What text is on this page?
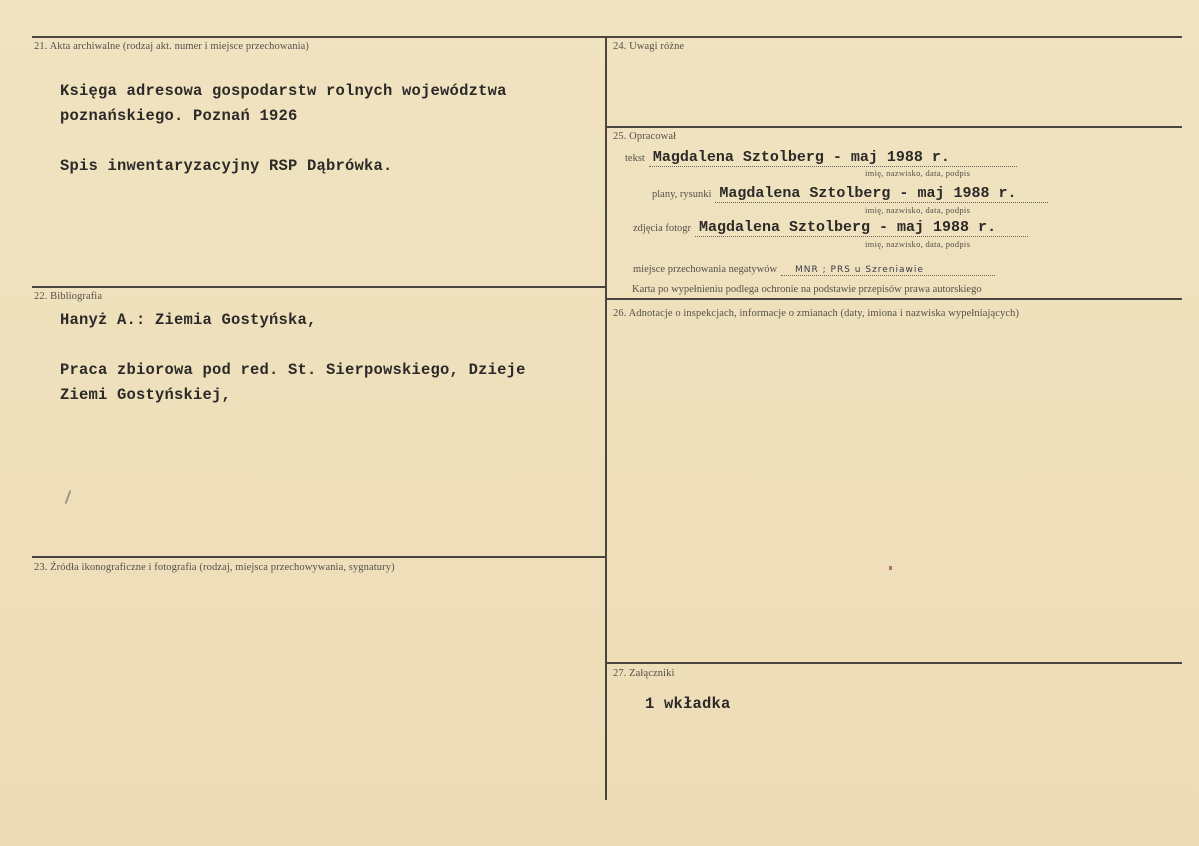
21. Akta archiwalne (rodzaj akt. numer i miejsce przechowania)
Księga adresowa gospodarstw rolnych województwa
poznańskiego. Poznań 1926
Spis inwentaryzacyjny RSP Dąbrówka.
22. Bibliografia
Hanyż A.: Ziemia Gostyńska,
Praca zbiorowa pod red. St. Sierpowskiego, Dzieje
Ziemi Gostyńskiej,
23. Źródła ikonograficzne i fotografia (rodzaj, miejsca przechowywania, sygnatury)
24. Uwagi różne
25. Opracował
tekst Magdalena Sztolberg - maj 1988 r.
imię, nazwisko, data, podpis
plany, rysunki Magdalena Sztolberg - maj 1988 r.
imię, nazwisko, data, podpis
zdjęcia fotogr Magdalena Sztolberg - maj 1988 r.
imię, nazwisko, data, podpis
miejsce przechowania negatywów MNR ; PRS u Szreniawie
Karta po wypełnieniu podlega ochronie na podstawie przepisów prawa autorskiego
26. Adnotacje o inspekcjach, informacje o zmianach (daty, imiona i nazwiska wypełniających)
27. Załączniki
1 wkładka
